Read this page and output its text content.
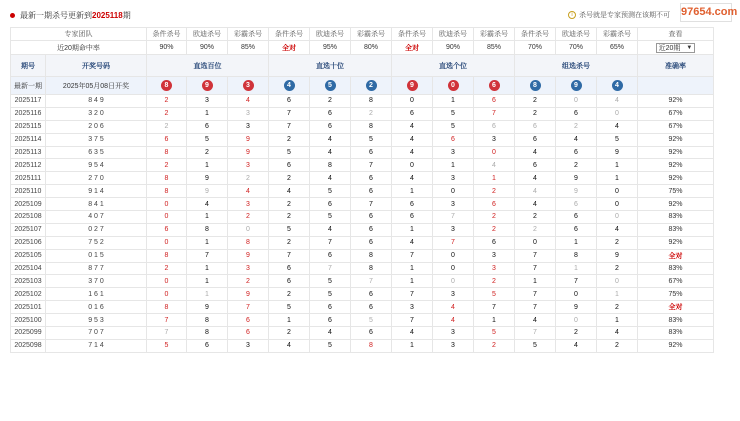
最新一期杀号更新到2025118期	i 杀号就是专家预测在该期不可 97654.com
专家团队		条件杀号	欧迪杀号	彩霸杀号	条件杀号	欧迪杀号	彩霸杀号	条件杀号	欧迪杀号	彩霸杀号	条件杀号	欧迪杀号	彩霸杀号	查看
近20期命中率		90%	90%	85%	全对	95%	80%	全对	90%	85%	70%	70%	65%	近20期 ▼

期号	开奖号码	直选百位			直选十位			直选个位			组选杀号			准确率
最新一期	2025年05月08日开奖	8	9	3	4	5	2	9	0	6	8	9	4	
2025117	8 4 9	2	3	4	6	2	8	0	1	6	2	0	4	92%
2025116	3 2 0	2	1	3	7	6	2	6	5	7	2	6	0	67%
2025115	2 0 6	2	6	3	7	6	8	4	5	6	6	2	4	67%
2025114	3 7 5	6	5	9	2	4	5	4	6	3	6	4	5	92%
2025113	6 3 5	8	2	9	5	4	6	4	3	0	4	6	9	92%
2025112	9 5 4	2	1	3	6	8	7	0	1	4	6	2	1	92%
2025111	2 7 0	8	9	2	2	4	6	4	3	1	4	9	1	92%
2025110	9 1 4	8	9	4	4	5	6	1	0	2	4	9	0	75%
2025109	8 4 1	0	4	3	2	6	7	6	3	6	4	6	0	92%
2025108	4 0 7	0	1	2	2	5	6	6	7	2	2	6	0	83%
2025107	0 2 7	6	8	0	5	4	6	1	3	2	2	6	4	83%
2025106	7 5 2	0	1	8	2	7	6	4	7	6	0	1	2	92%
2025105	0 1 5	8	7	9	7	6	8	7	0	3	7	8	9	全对
2025104	8 7 7	2	1	3	6	7	8	1	0	3	7	1	2	83%
2025103	3 7 0	0	1	2	6	5	7	1	0	2	1	7	0	67%
2025102	1 6 1	0	1	9	2	5	6	7	3	5	7	0	1	75%
2025101	0 1 6	8	9	7	5	6	6	3	4	7	7	9	2	全对
2025100	9 5 3	7	8	6	1	6	5	7	4	1	4	0	1	83%
2025099	7 0 7	7	8	6	2	4	6	4	3	5	7	2	4	83%
2025098	7 1 4	5	6	3	4	5	8	1	3	2	5	4	2	92%
